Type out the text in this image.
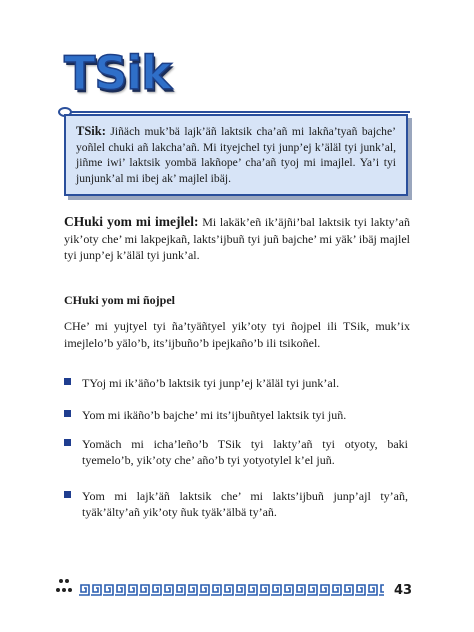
TSik
TSik: Jiñäch muk’bä lajk’äñ laktsik cha’añ mi lakña’tyañ bajche’ yoñlel chuki añ lakcha’añ. Mi ityejchel tyi junp’ej k’äläl tyi junk’al, jiñme iwi’ laktsik yombä lakñope’ cha’añ tyoj mi imajlel. Ya’i tyi junjunk’al mi ibej ak’ majlel ibäj.
CHuki yom mi imejlel: Mi lakäk’eñ ik’äjñi’bal laktsik tyi lakty’añ yik’oty che’ mi lakpejkañ, lakts’ijbuñ tyi juñ bajche’ mi yäk’ ibäj majlel tyi junp’ej k’äläl tyi junk’al.
CHuki yom mi ñojpel
CHe’ mi yujtyel tyi ña’tyäñtyel yik’oty tyi ñojpel ili TSik, muk’ix imejlelo’b yälo’b, its’ijbuño’b ipejkaño’b ili tsikoñel.
TYoj mi ik’äño’b laktsik tyi junp’ej k’äläl tyi junk’al.
Yom mi ikäño’b bajche’ mi its’ijbuñtyel laktsik tyi juñ.
Yomäch mi icha’leño’b TSik tyi lakty’añ tyi otyoty, baki tyemelo’b, yik’oty che’ año’b tyi yotyotylel k’el juñ.
Yom mi lajk’äñ laktsik che’ mi lakts’ijbuñ junp’ajl ty’añ, tyäk’älty’añ yik’oty ñuk tyäk’älbä ty’añ.
43
